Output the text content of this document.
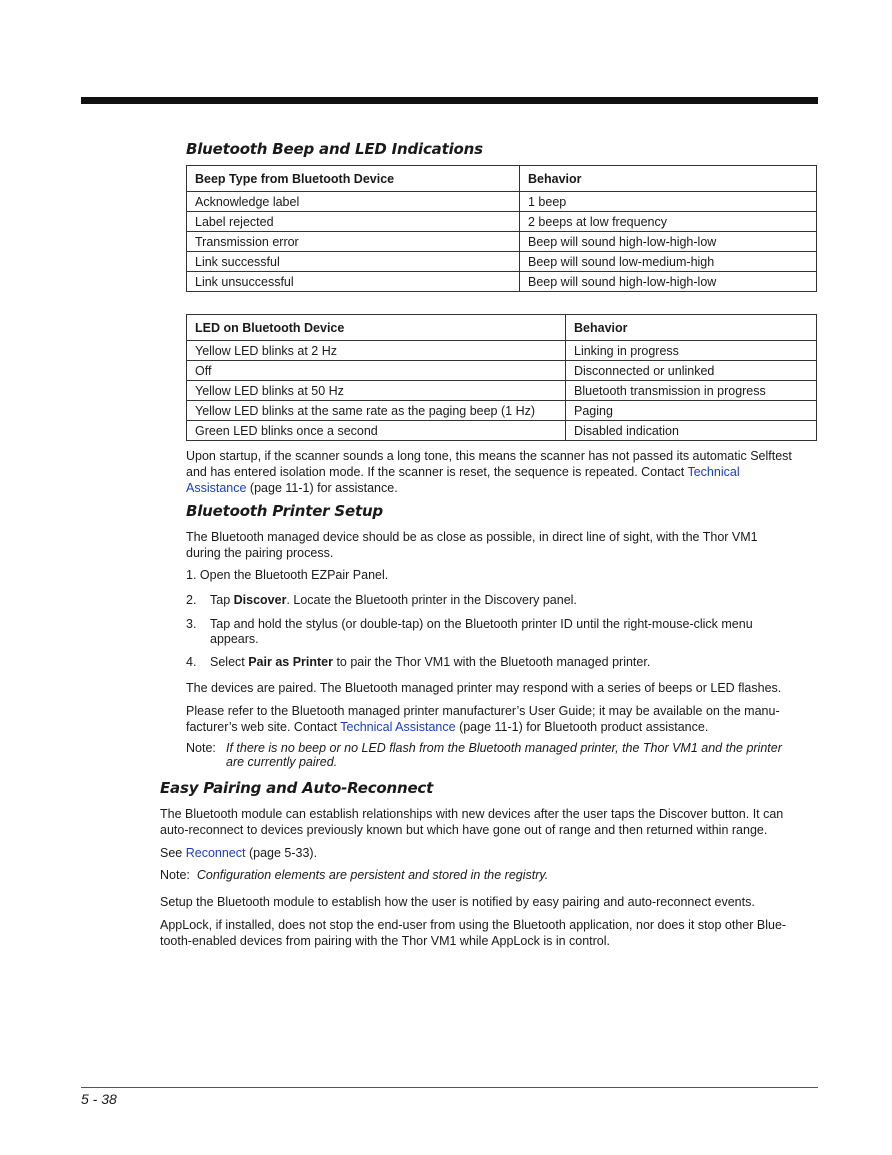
Bluetooth Beep and LED Indications
Beep Type from Bluetooth Device	Behavior
Acknowledge label	1 beep
Label rejected	2 beeps at low frequency
Transmission error	Beep will sound high-low-high-low
Link successful	Beep will sound low-medium-high
Link unsuccessful	Beep will sound high-low-high-low
LED on Bluetooth Device	Behavior
Yellow LED blinks at 2 Hz	Linking in progress
Off	Disconnected or unlinked
Yellow LED blinks at 50 Hz	Bluetooth transmission in progress
Yellow LED blinks at the same rate as the paging beep (1 Hz)	Paging
Green LED blinks once a second	Disabled indication
Upon startup, if the scanner sounds a long tone, this means the scanner has not passed its automatic Selftest
and has entered isolation mode. If the scanner is reset, the sequence is repeated. Contact Technical
Assistance (page 11-1) for assistance.
Bluetooth Printer Setup
The Bluetooth managed device should be as close as possible, in direct line of sight, with the Thor VM1
during the pairing process.
1. Open the Bluetooth EZPair Panel.
2.	Tap Discover. Locate the Bluetooth printer in the Discovery panel.
3. Tap and hold the stylus (or double-tap) on the Bluetooth printer ID until the right-mouse-click menu
appears.
4.	Select Pair as Printer to pair the Thor VM1 with the Bluetooth managed printer.
The devices are paired. The Bluetooth managed printer may respond with a series of beeps or LED flashes.
Please refer to the Bluetooth managed printer manufacturer’s User Guide; it may be available on the manu-
facturer’s web site. Contact Technical Assistance (page 11-1) for Bluetooth product assistance.
Note: If there is no beep or no LED flash from the Bluetooth managed printer, the Thor VM1 and the printer
are currently paired.
Easy Pairing and Auto-Reconnect
The Bluetooth module can establish relationships with new devices after the user taps the Discover button. It can
auto-reconnect to devices previously known but which have gone out of range and then returned within range.
See Reconnect (page 5-33).
Note: Configuration elements are persistent and stored in the registry.
Setup the Bluetooth module to establish how the user is notified by easy pairing and auto-reconnect events.
AppLock, if installed, does not stop the end-user from using the Bluetooth application, nor does it stop other Blue-
tooth-enabled devices from pairing with the Thor VM1 while AppLock is in control.
5 - 38
